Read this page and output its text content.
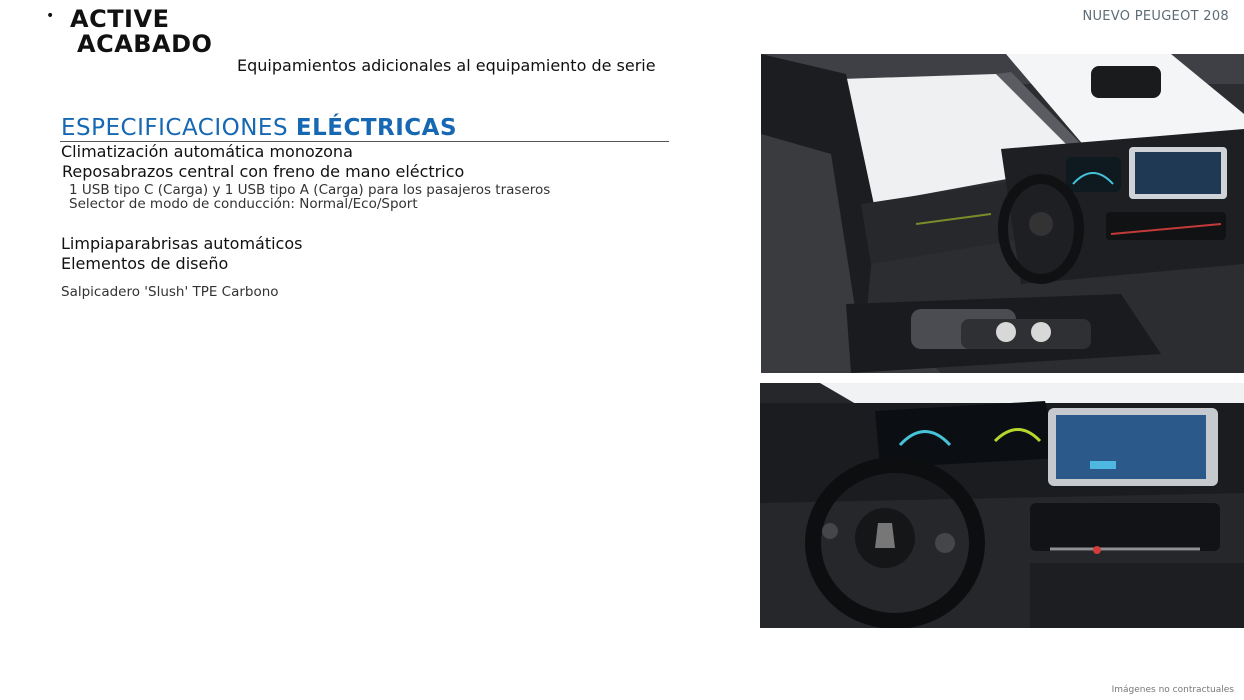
• ACTIVE
ACABADO
Equipamientos adicionales al equipamiento de serie
NUEVO PEUGEOT 208
ESPECIFICACIONES ELÉCTRICAS
Climatización automática monozona
Reposabrazos central con freno de mano eléctrico
1 USB tipo C (Carga) y 1 USB tipo A (Carga) para los pasajeros traseros
Selector de modo de conducción: Normal/Eco/Sport
Limpiaparabrisas automáticos
Elementos de diseño
Salpicadero 'Slush' TPE Carbono
Imágenes no contractuales
